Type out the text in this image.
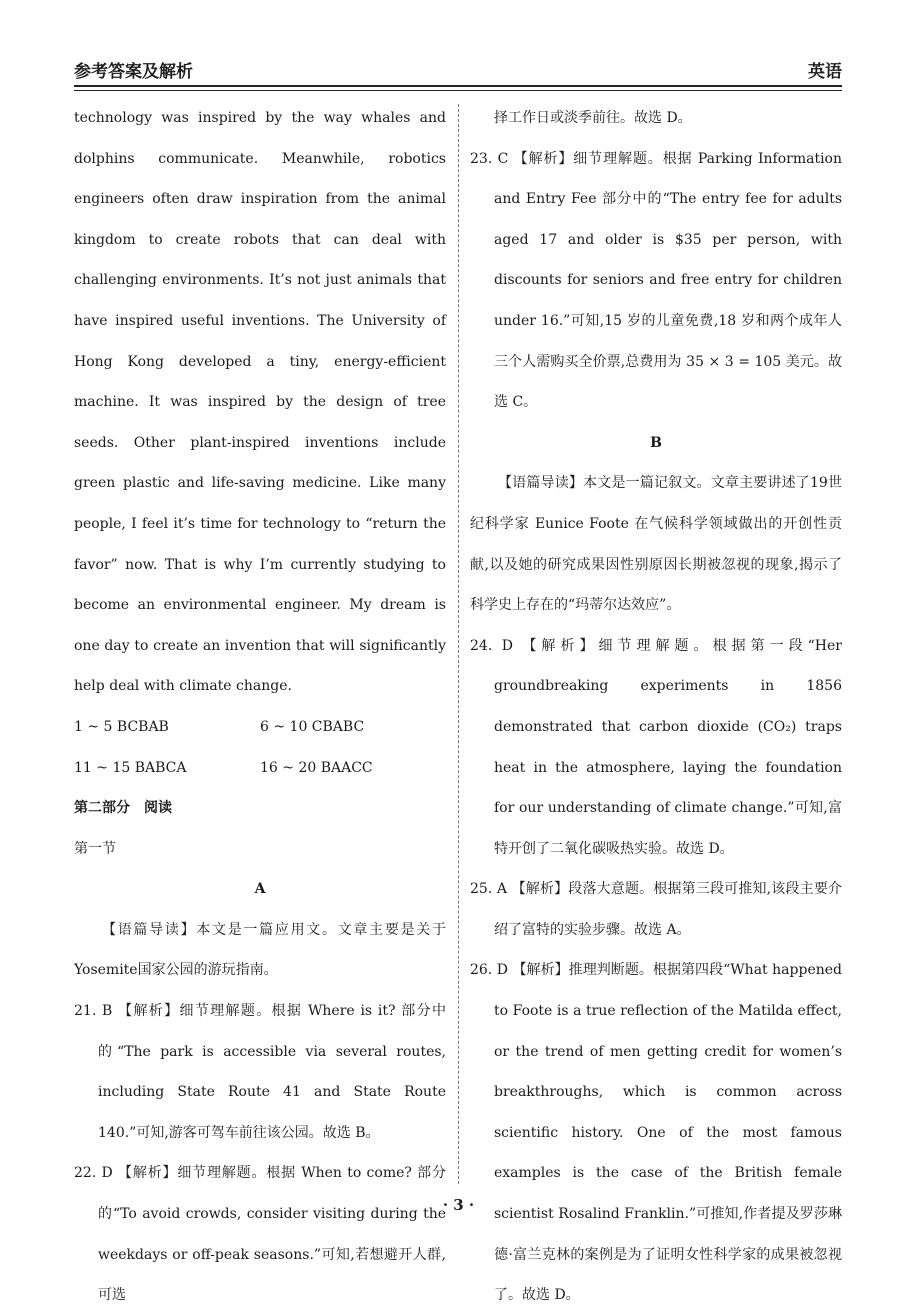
参考答案及解析	英语

technology was inspired by the way whales and dolphins communicate. Meanwhile, robotics engineers often draw inspiration from the animal kingdom to create robots that can deal with challenging environments. It’s not just animals that have inspired useful inventions. The University of Hong Kong developed a tiny, energy-efficient machine. It was inspired by the design of tree seeds. Other plant-inspired inventions include green plastic and life-saving medicine. Like many people, I feel it’s time for technology to “return the favor” now. That is why I’m currently studying to become an environmental engineer. My dream is one day to create an invention that will significantly help deal with climate change.

1 ~ 5 BCBAB	6 ~ 10 CBABC
11 ~ 15 BABCA	16 ~ 20 BAACC

第二部分　阅读

第一节

A

【语篇导读】本文是一篇应用文。文章主要是关于Yosemite国家公园的游玩指南。

21. B 【解析】细节理解题。根据 Where is it? 部分中的“The park is accessible via several routes, including State Route 41 and State Route 140.”可知,游客可驾车前往该公园。故选 B。

22. D 【解析】细节理解题。根据 When to come? 部分的“To avoid crowds, consider visiting during the weekdays or off-peak seasons.”可知,若想避开人群,可选

择工作日或淡季前往。故选 D。

23. C 【解析】细节理解题。根据 Parking Information and Entry Fee 部分中的“The entry fee for adults aged 17 and older is $35 per person, with discounts for seniors and free entry for children under 16.”可知,15 岁的儿童免费,18 岁和两个成年人三个人需购买全价票,总费用为 35 × 3 = 105 美元。故选 C。

B

【语篇导读】本文是一篇记叙文。文章主要讲述了19世纪科学家 Eunice Foote 在气候科学领域做出的开创性贡献,以及她的研究成果因性别原因长期被忽视的现象,揭示了科学史上存在的“玛蒂尔达效应”。

24. D 【解析】细节理解题。根据第一段“Her groundbreaking experiments in 1856 demonstrated that carbon dioxide (CO₂) traps heat in the atmosphere, laying the foundation for our understanding of climate change.”可知,富特开创了二氧化碳吸热实验。故选 D。

25. A 【解析】段落大意题。根据第三段可推知,该段主要介绍了富特的实验步骤。故选 A。

26. D 【解析】推理判断题。根据第四段“What happened to Foote is a true reflection of the Matilda effect, or the trend of men getting credit for women’s breakthroughs, which is common across scientific history. One of the most famous examples is the case of the British female scientist Rosalind Franklin.”可推知,作者提及罗莎琳德·富兰克林的案例是为了证明女性科学家的成果被忽视了。故选 D。

· 3 ·
